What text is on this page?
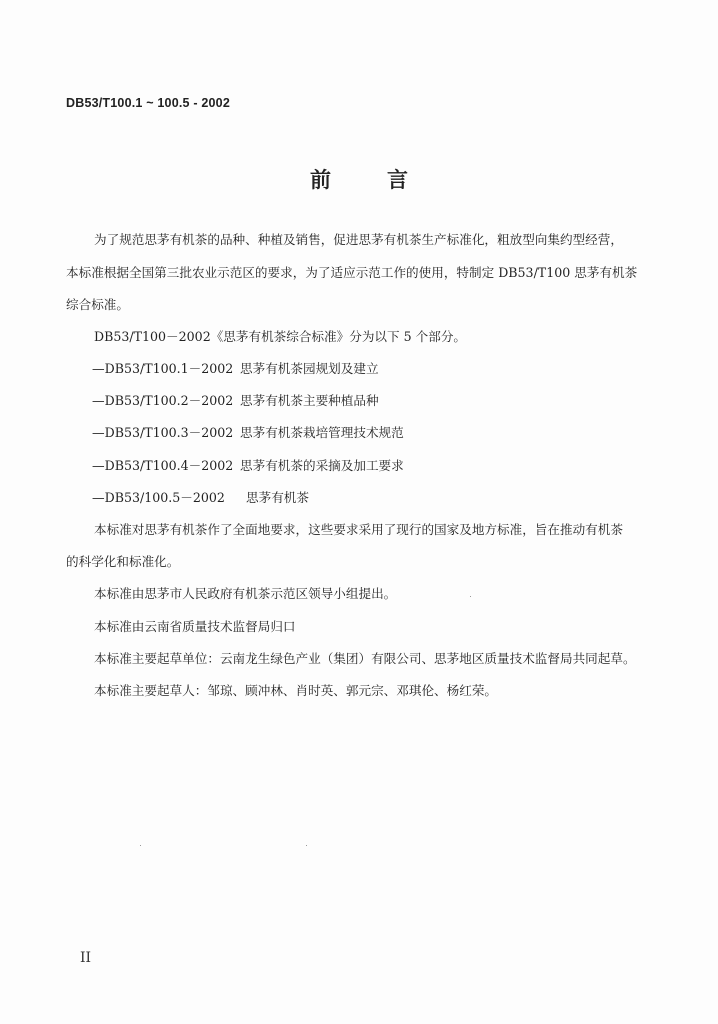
DB53/T100.1 ~ 100.5 - 2002
前言
为了规范思茅有机茶的品种、种植及销售，促进思茅有机茶生产标准化，粗放型向集约型经营，
本标准根据全国第三批农业示范区的要求，为了适应示范工作的使用，特制定 DB53/T100 思茅有机茶
综合标准。
DB53/T100－2002《思茅有机茶综合标准》分为以下 5 个部分。
—DB53/T100.1－2002 思茅有机茶园规划及建立
—DB53/T100.2－2002 思茅有机茶主要种植品种
—DB53/T100.3－2002 思茅有机茶栽培管理技术规范
—DB53/T100.4－2002 思茅有机茶的采摘及加工要求
—DB53/100.5－2002 思茅有机茶
本标准对思茅有机茶作了全面地要求，这些要求采用了现行的国家及地方标准，旨在推动有机茶
的科学化和标准化。
本标准由思茅市人民政府有机茶示范区领导小组提出。
本标准由云南省质量技术监督局归口
本标准主要起草单位：云南龙生绿色产业（集团）有限公司、思茅地区质量技术监督局共同起草。
本标准主要起草人：邹琼、顾冲林、肖时英、郭元宗、邓琪伦、杨红荣。
II
